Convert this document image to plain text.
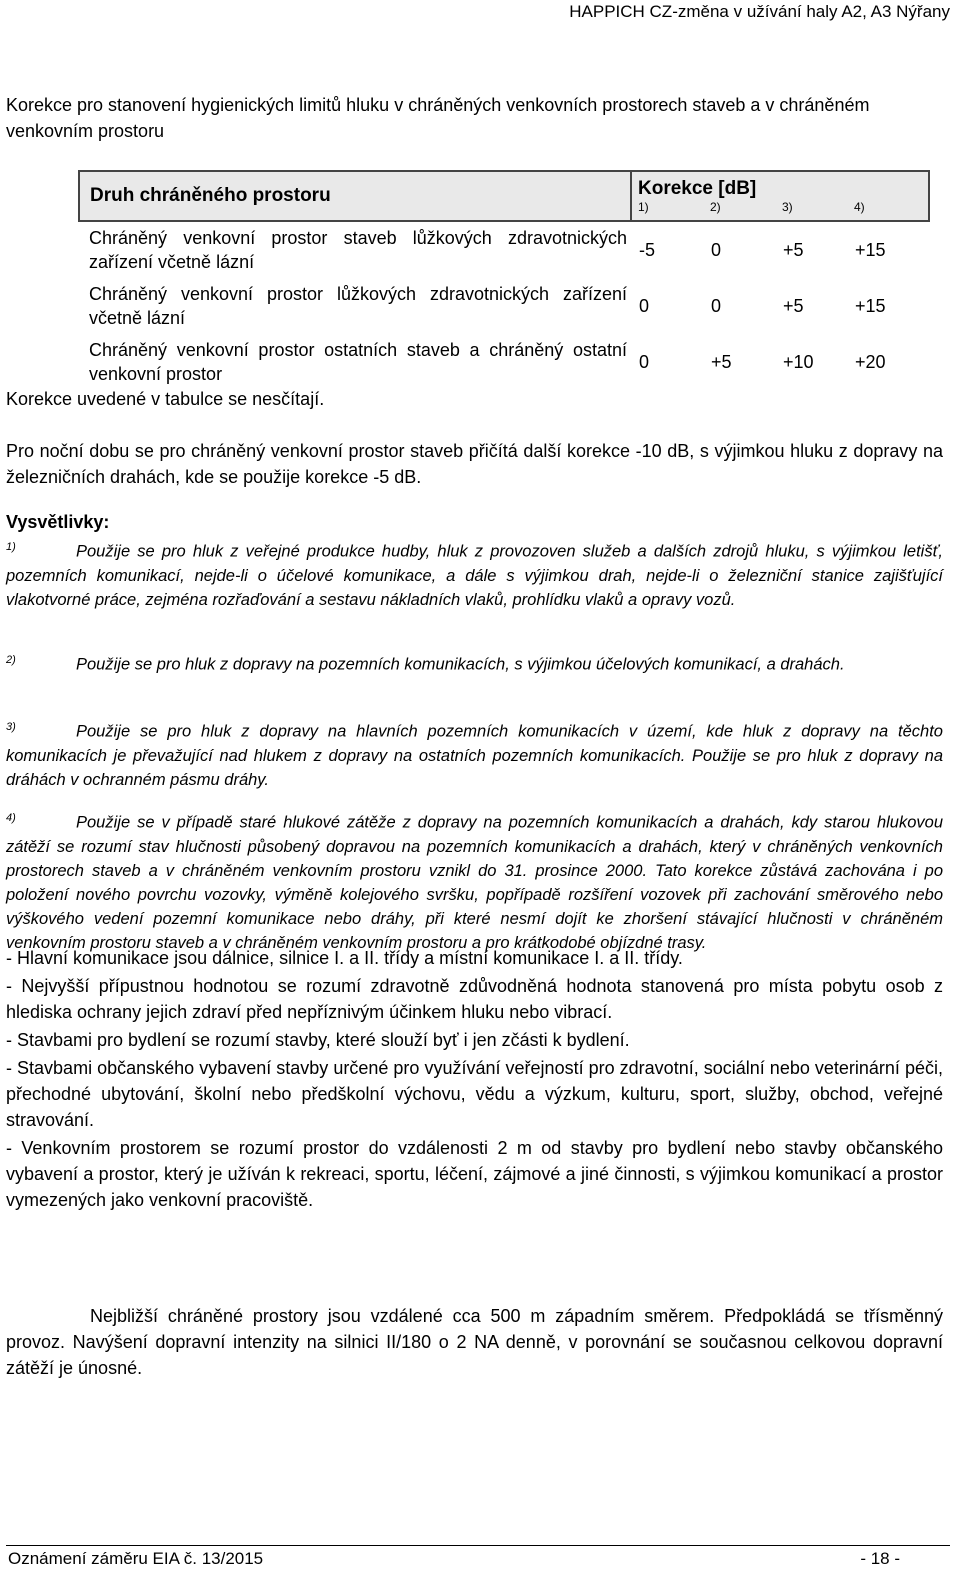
HAPPICH CZ-změna v užívání haly A2, A3 Nýřany

Korekce pro stanovení hygienických limitů hluku v chráněných venkovních prostorech staveb a v chráněném venkovním prostoru

Druh chráněného prostoru	Korekce [dB]
1) 2) 3) 4)

Chráněný venkovní prostor staveb lůžkových zdravotnických zařízení včetně lázní	-5 0 +5 +15

Chráněný venkovní prostor lůžkových zdravotnických zařízení včetně lázní	0 0 +5 +15

Chráněný venkovní prostor ostatních staveb a chráněný ostatní venkovní prostor	0 +5 +10 +20
Korekce uvedené v tabulce se nesčítají.

Pro noční dobu se pro chráněný venkovní prostor staveb přičítá další korekce -10 dB, s výjimkou hluku z dopravy na železničních drahách, kde se použije korekce -5 dB.

Vysvětlivky:

1)	Použije se pro hluk z veřejné produkce hudby, hluk z provozoven služeb a dalších zdrojů hluku, s výjimkou letišť, pozemních komunikací, nejde-li o účelové komunikace, a dále s výjimkou drah, nejde-li o železniční stanice zajišťující vlakotvorné práce, zejména rozřaďování a sestavu nákladních vlaků, prohlídku vlaků a opravy vozů.

2)	Použije se pro hluk z dopravy na pozemních komunikacích, s výjimkou účelových komunikací, a drahách.

3)	Použije se pro hluk z dopravy na hlavních pozemních komunikacích v území, kde hluk z dopravy na těchto komunikacích je převažující nad hlukem z dopravy na ostatních pozemních komunikacích. Použije se pro hluk z dopravy na dráhách v ochranném pásmu dráhy.

4)	Použije se v případě staré hlukové zátěže z dopravy na pozemních komunikacích a drahách, kdy starou hlukovou zátěží se rozumí stav hlučnosti působený dopravou na pozemních komunikacích a drahách, který v chráněných venkovních prostorech staveb a v chráněném venkovním prostoru vznikl do 31. prosince 2000. Tato korekce zůstává zachována i po položení nového povrchu vozovky, výměně kolejového svršku, popřípadě rozšíření vozovek při zachování směrového nebo výškového vedení pozemní komunikace nebo dráhy, při které nesmí dojít ke zhoršení stávající hlučnosti v chráněném venkovním prostoru staveb a v chráněném venkovním prostoru a pro krátkodobé objízdné trasy.

- Hlavní komunikace jsou dálnice, silnice I. a II. třídy a místní komunikace I. a II. třídy.
- Nejvyšší přípustnou hodnotou se rozumí zdravotně zdůvodněná hodnota stanovená pro místa pobytu osob z hlediska ochrany jejich zdraví před nepříznivým účinkem hluku nebo vibrací.
- Stavbami pro bydlení se rozumí stavby, které slouží byť i jen zčásti k bydlení.
- Stavbami občanského vybavení stavby určené pro využívání veřejností pro zdravotní, sociální nebo veterinární péči, přechodné ubytování, školní nebo předškolní výchovu, vědu a výzkum, kulturu, sport, služby, obchod, veřejné stravování.
- Venkovním prostorem se rozumí prostor do vzdálenosti 2 m od stavby pro bydlení nebo stavby občanského vybavení a prostor, který je užíván k rekreaci, sportu, léčení, zájmové a jiné činnosti, s výjimkou komunikací a prostor vymezených jako venkovní pracoviště.

Nejbližší chráněné prostory jsou vzdálené cca 500 m západním směrem. Předpokládá se třísměnný provoz. Navýšení dopravní intenzity na silnici II/180 o 2 NA denně, v porovnání se současnou celkovou dopravní zátěží je únosné.

Oznámení záměru EIA č. 13/2015	- 18 -
